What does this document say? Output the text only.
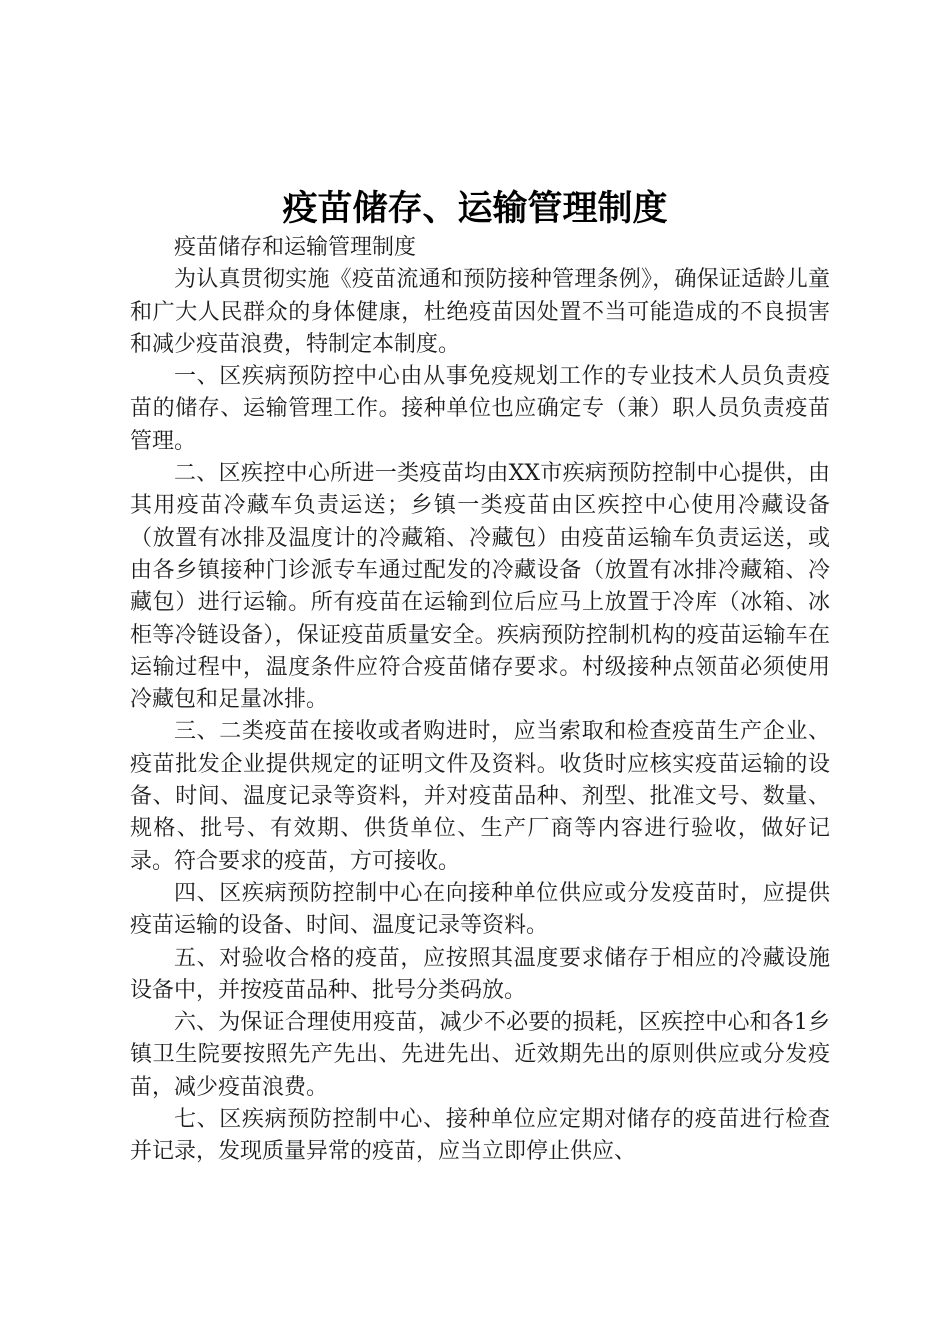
疫苗储存、运输管理制度

疫苗储存和运输管理制度

为认真贯彻实施《疫苗流通和预防接种管理条例》，确保证适龄儿童和广大人民群众的身体健康，杜绝疫苗因处置不当可能造成的不良损害和减少疫苗浪费，特制定本制度。

一、区疾病预防控中心由从事免疫规划工作的专业技术人员负责疫苗的储存、运输管理工作。接种单位也应确定专（兼）职人员负责疫苗管理。

二、区疾控中心所进一类疫苗均由XX市疾病预防控制中心提供，由其用疫苗冷藏车负责运送；乡镇一类疫苗由区疾控中心使用冷藏设备（放置有冰排及温度计的冷藏箱、冷藏包）由疫苗运输车负责运送，或由各乡镇接种门诊派专车通过配发的冷藏设备（放置有冰排冷藏箱、冷藏包）进行运输。所有疫苗在运输到位后应马上放置于冷库（冰箱、冰柜等冷链设备），保证疫苗质量安全。疾病预防控制机构的疫苗运输车在运输过程中，温度条件应符合疫苗储存要求。村级接种点领苗必须使用冷藏包和足量冰排。

三、二类疫苗在接收或者购进时，应当索取和检查疫苗生产企业、疫苗批发企业提供规定的证明文件及资料。收货时应核实疫苗运输的设备、时间、温度记录等资料，并对疫苗品种、剂型、批准文号、数量、规格、批号、有效期、供货单位、生产厂商等内容进行验收，做好记录。符合要求的疫苗，方可接收。

四、区疾病预防控制中心在向接种单位供应或分发疫苗时，应提供疫苗运输的设备、时间、温度记录等资料。

五、对验收合格的疫苗，应按照其温度要求储存于相应的冷藏设施设备中，并按疫苗品种、批号分类码放。

六、为保证合理使用疫苗，减少不必要的损耗，区疾控中心和各1乡镇卫生院要按照先产先出、先进先出、近效期先出的原则供应或分发疫苗，减少疫苗浪费。

七、区疾病预防控制中心、接种单位应定期对储存的疫苗进行检查并记录，发现质量异常的疫苗，应当立即停止供应、
